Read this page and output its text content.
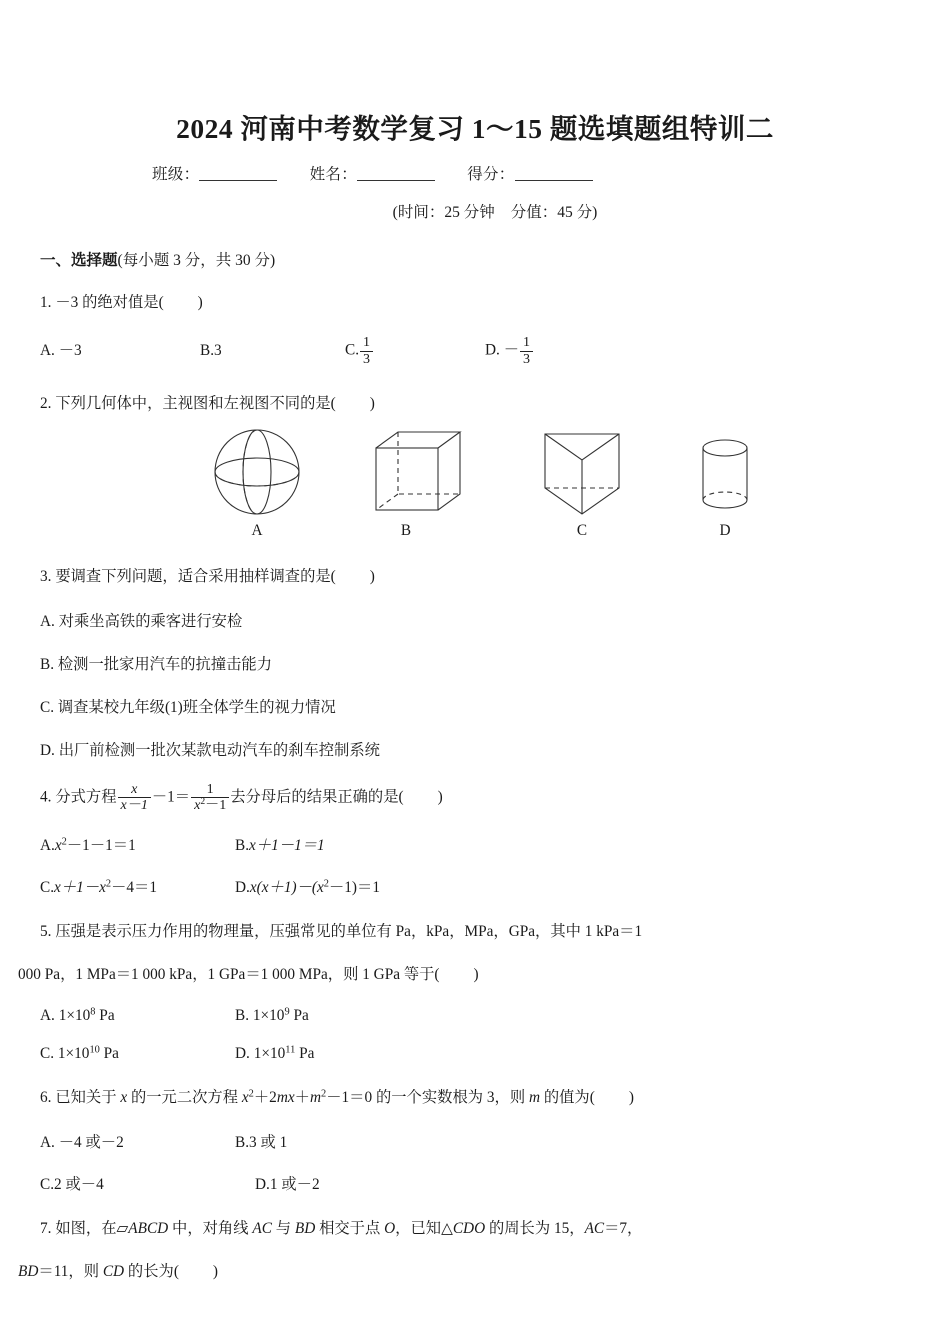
2024 河南中考数学复习 1～15 题选填题组特训二
班级：	姓名：	得分：
(时间：25 分钟 分值：45 分)
一、选择题(每小题 3 分，共 30 分)
1. －3 的绝对值是( )
A. －3	B.3	C. $\frac{1}{3}$	D. － $\frac{1}{3}$
2. 下列几何体中，主视图和左视图不同的是( )
A	B	C	D
3. 要调查下列问题，适合采用抽样调查的是( )
A. 对乘坐高铁的乘客进行安检
B. 检测一批家用汽车的抗撞击能力
C. 调查某校九年级(1)班全体学生的视力情况
D. 出厂前检测一批次某款电动汽车的刹车控制系统
4. 分式方程 $\frac{x}{x-1} -1= \frac{1}{x^2-1}$ 去分母后的结果正确的是( )
$A.x^2-1-1=1$	B.x＋1－1＝1
$C.x+1-x^2-4=1$	$D.x(x+1)-(x^2-1)=1$
5. 压强是表示压力作用的物理量，压强常见的单位有 Pa，kPa，MPa，GPa，其中 1 kPa＝1
000 Pa，1 MPa＝1 000 kPa，1 GPa＝1 000 MPa，则 1 GPa 等于( )
A. $1\times 10^8$ Pa	B. $1\times 10^9$ Pa
C. $1\times 10^{10}$ Pa	D. $1\times 10^{11}$ Pa
6. 已知关于 x 的一元二次方程 $x^2+2mx+m^2-1=0$ 的一个实数根为 3，则 m 的值为( )
A. －4 或－2	B.3 或 1
C.2 或－4	D.1 或－2
7. 如图，在▱ABCD 中，对角线 AC 与 BD 相交于点 O，已知△CDO 的周长为 15，AC＝7，
BD＝11，则 CD 的长为( )
